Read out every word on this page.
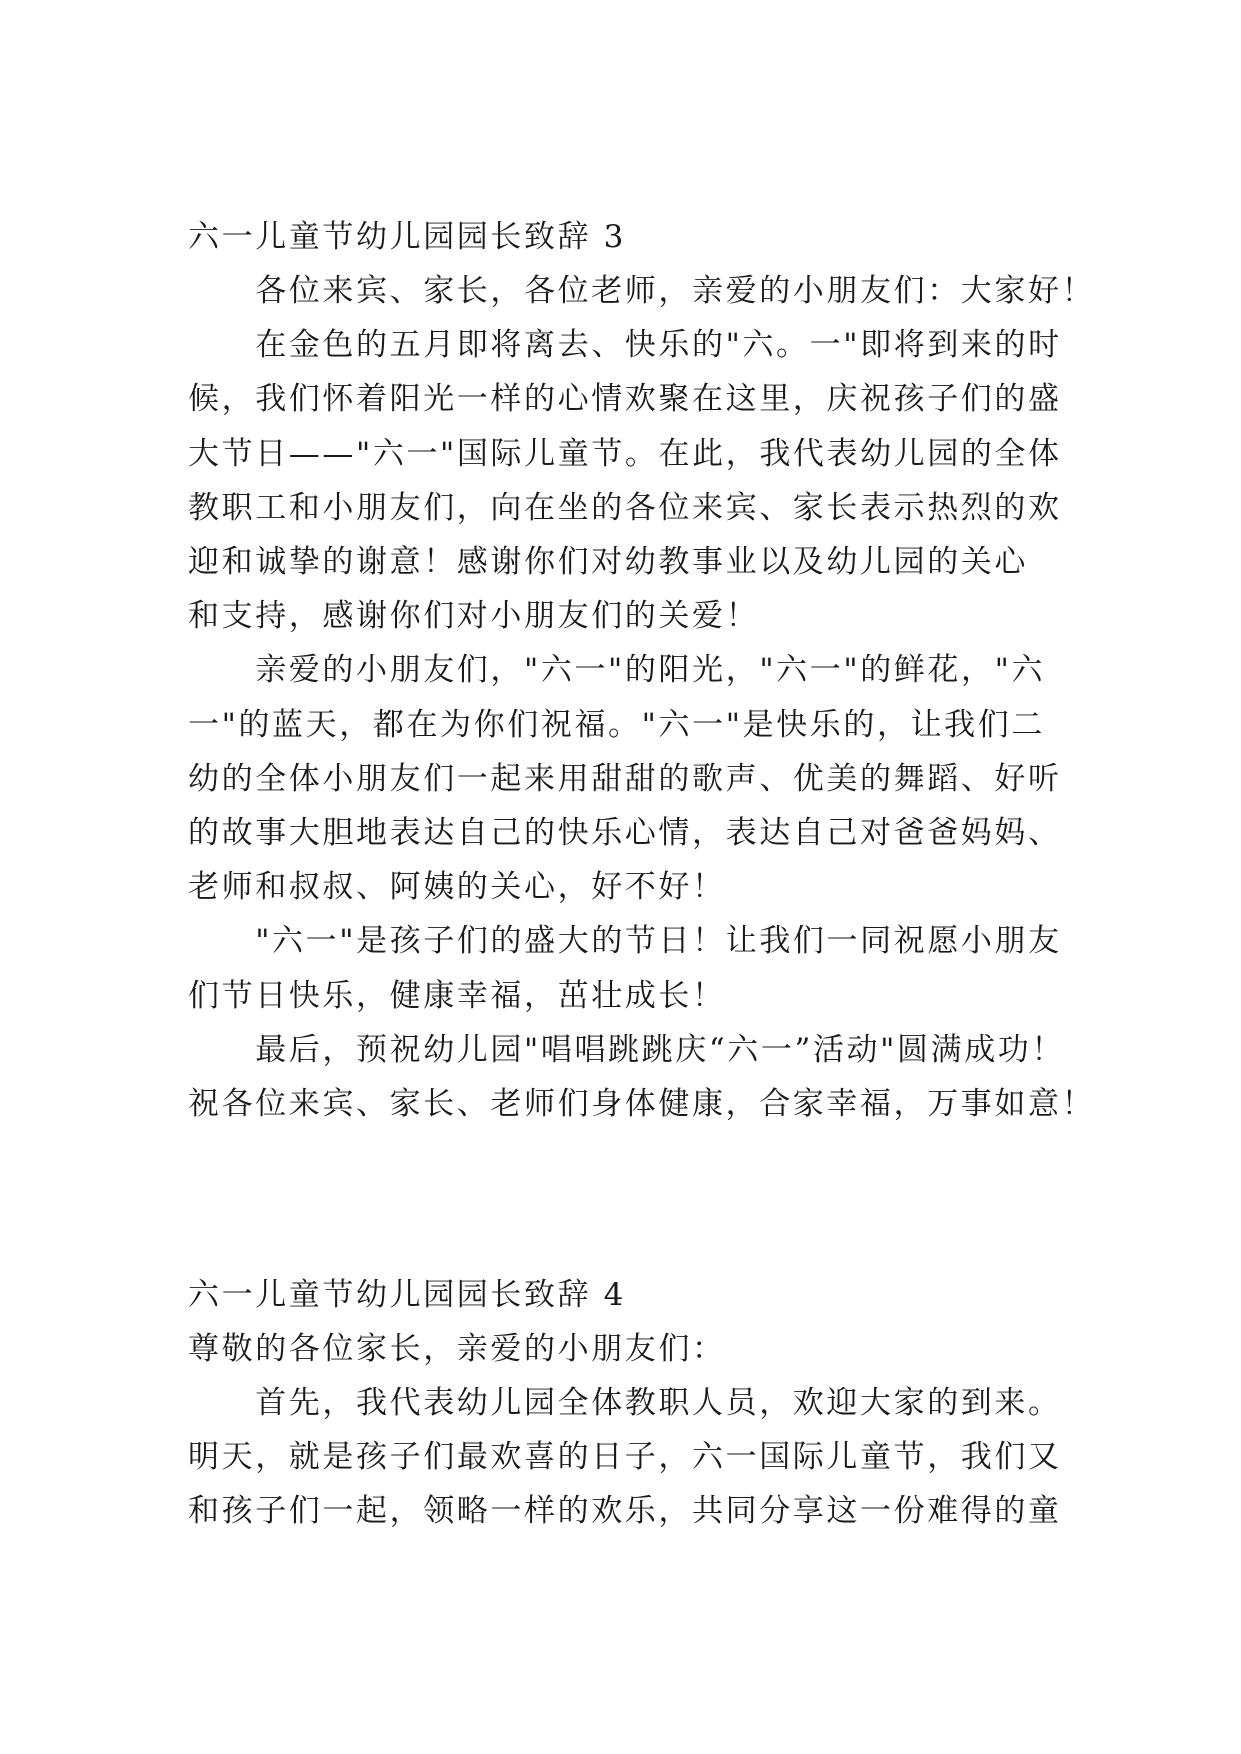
六一儿童节幼儿园园长致辞 3
　　各位来宾、家长，各位老师，亲爱的小朋友们：大家好！
　　在金色的五月即将离去、快乐的"六。一"即将到来的时
候，我们怀着阳光一样的心情欢聚在这里，庆祝孩子们的盛
大节日——"六一"国际儿童节。在此，我代表幼儿园的全体
教职工和小朋友们，向在坐的各位来宾、家长表示热烈的欢
迎和诚挚的谢意！感谢你们对幼教事业以及幼儿园的关心
和支持，感谢你们对小朋友们的关爱！
　　亲爱的小朋友们，"六一"的阳光，"六一"的鲜花，"六
一"的蓝天，都在为你们祝福。"六一"是快乐的，让我们二
幼的全体小朋友们一起来用甜甜的歌声、优美的舞蹈、好听
的故事大胆地表达自己的快乐心情，表达自己对爸爸妈妈、
老师和叔叔、阿姨的关心，好不好！
　　"六一"是孩子们的盛大的节日！让我们一同祝愿小朋友
们节日快乐，健康幸福，茁壮成长！
　　最后，预祝幼儿园"唱唱跳跳庆“六一”活动"圆满成功！
祝各位来宾、家长、老师们身体健康，合家幸福，万事如意！
六一儿童节幼儿园园长致辞 4
尊敬的各位家长，亲爱的小朋友们：
　　首先，我代表幼儿园全体教职人员，欢迎大家的到来。
明天，就是孩子们最欢喜的日子，六一国际儿童节，我们又
和孩子们一起，领略一样的欢乐，共同分享这一份难得的童
